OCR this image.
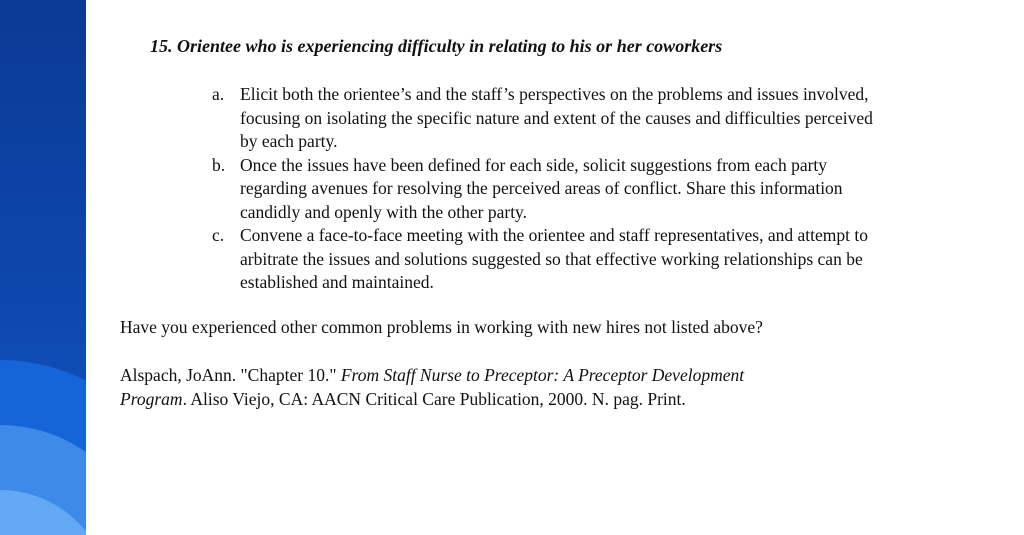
15. Orientee who is experiencing difficulty in relating to his or her coworkers
a. Elicit both the orientee’s and the staff’s perspectives on the problems and issues involved, focusing on isolating the specific nature and extent of the causes and difficulties perceived by each party.
b. Once the issues have been defined for each side, solicit suggestions from each party regarding avenues for resolving the perceived areas of conflict. Share this information candidly and openly with the other party.
c. Convene a face-to-face meeting with the orientee and staff representatives, and attempt to arbitrate the issues and solutions suggested so that effective working relationships can be established and maintained.

Have you experienced other common problems in working with new hires not listed above?

Alspach, JoAnn. "Chapter 10." From Staff Nurse to Preceptor: A Preceptor Development
Program. Aliso Viejo, CA: AACN Critical Care Publication, 2000. N. pag. Print.
